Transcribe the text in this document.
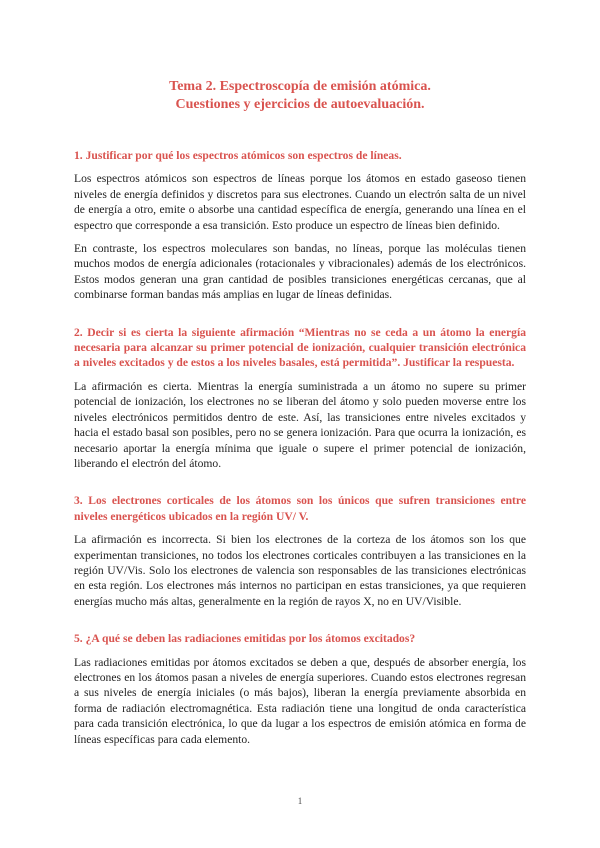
Tema 2. Espectroscopía de emisión atómica.
Cuestiones y ejercicios de autoevaluación.
1. Justificar por qué los espectros atómicos son espectros de líneas.
Los espectros atómicos son espectros de líneas porque los átomos en estado gaseoso tienen niveles de energía definidos y discretos para sus electrones. Cuando un electrón salta de un nivel de energía a otro, emite o absorbe una cantidad específica de energía, generando una línea en el espectro que corresponde a esa transición. Esto produce un espectro de líneas bien definido.
En contraste, los espectros moleculares son bandas, no líneas, porque las moléculas tienen muchos modos de energía adicionales (rotacionales y vibracionales) además de los electrónicos. Estos modos generan una gran cantidad de posibles transiciones energéticas cercanas, que al combinarse forman bandas más amplias en lugar de líneas definidas.
2. Decir si es cierta la siguiente afirmación “Mientras no se ceda a un átomo la energía necesaria para alcanzar su primer potencial de ionización, cualquier transición electrónica a niveles excitados y de estos a los niveles basales, está permitida”. Justificar la respuesta.
La afirmación es cierta. Mientras la energía suministrada a un átomo no supere su primer potencial de ionización, los electrones no se liberan del átomo y solo pueden moverse entre los niveles electrónicos permitidos dentro de este. Así, las transiciones entre niveles excitados y hacia el estado basal son posibles, pero no se genera ionización. Para que ocurra la ionización, es necesario aportar la energía mínima que iguale o supere el primer potencial de ionización, liberando el electrón del átomo.
3. Los electrones corticales de los átomos son los únicos que sufren transiciones entre niveles energéticos ubicados en la región UV/ V.
La afirmación es incorrecta. Si bien los electrones de la corteza de los átomos son los que experimentan transiciones, no todos los electrones corticales contribuyen a las transiciones en la región UV/Vis. Solo los electrones de valencia son responsables de las transiciones electrónicas en esta región. Los electrones más internos no participan en estas transiciones, ya que requieren energías mucho más altas, generalmente en la región de rayos X, no en UV/Visible.
5. ¿A qué se deben las radiaciones emitidas por los átomos excitados?
Las radiaciones emitidas por átomos excitados se deben a que, después de absorber energía, los electrones en los átomos pasan a niveles de energía superiores. Cuando estos electrones regresan a sus niveles de energía iniciales (o más bajos), liberan la energía previamente absorbida en forma de radiación electromagnética. Esta radiación tiene una longitud de onda característica para cada transición electrónica, lo que da lugar a los espectros de emisión atómica en forma de líneas específicas para cada elemento.
1
